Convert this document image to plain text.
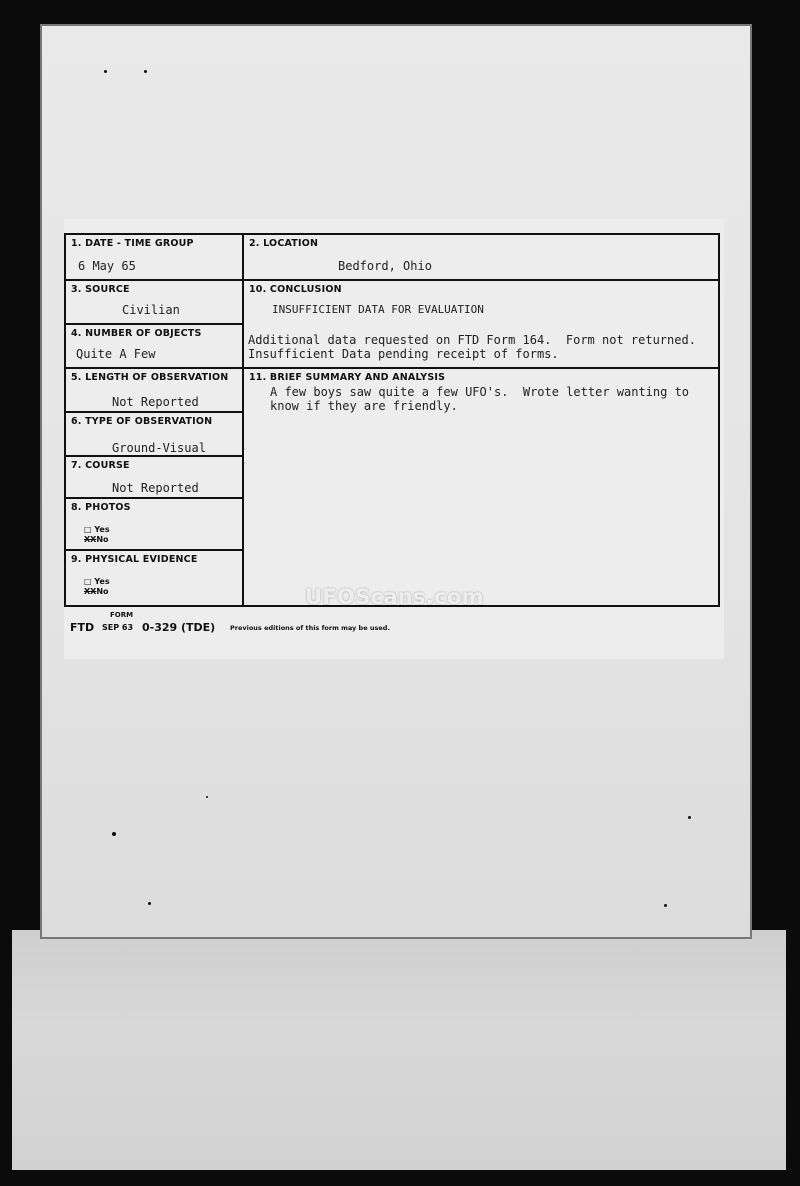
1. DATE - TIME GROUP
6 May 65
3. SOURCE
Civilian
4. NUMBER OF OBJECTS
Quite A Few
5. LENGTH OF OBSERVATION
Not Reported
6. TYPE OF OBSERVATION
Ground-Visual
7. COURSE
Not Reported
8. PHOTOS
□ Yes
XXNo
9. PHYSICAL EVIDENCE
□ Yes
XXNo
2. LOCATION
Bedford, Ohio
10. CONCLUSION
INSUFFICIENT DATA FOR EVALUATION
Additional data requested on FTD Form 164.  Form not returned.
Insufficient Data pending receipt of forms.
11. BRIEF SUMMARY AND ANALYSIS
A few boys saw quite a few UFO's.  Wrote letter wanting to
know if they are friendly.
FORM
FTD SEP 63 0-329 (TDE) Previous editions of this form may be used.
UFOScans.com
